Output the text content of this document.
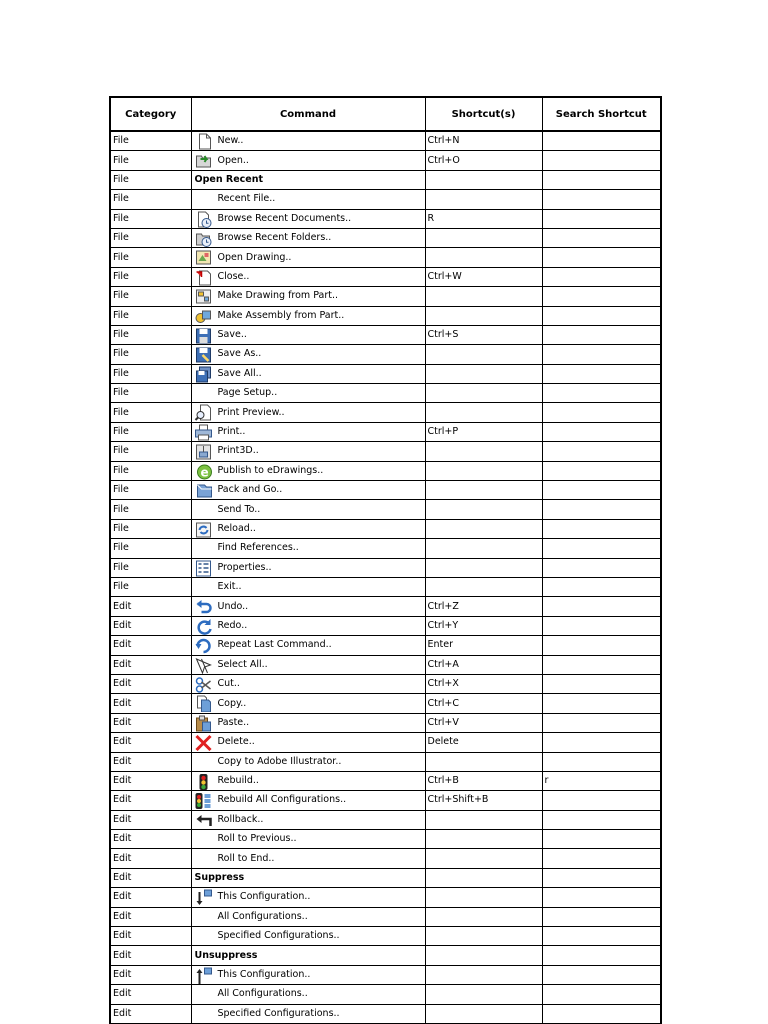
Category	Command	Shortcut(s)	Search Shortcut
File	New..	Ctrl+N	
File	Open..	Ctrl+O	
File	Open Recent		
File	Recent File..		
File	Browse Recent Documents..	R	
File	Browse Recent Folders..		
File	Open Drawing..		
File	Close..	Ctrl+W	
File	Make Drawing from Part..		
File	Make Assembly from Part..		
File	Save..	Ctrl+S	
File	Save As..		
File	Save All..		
File	Page Setup..		
File	Print Preview..		
File	Print..	Ctrl+P	
File	Print3D..		
File	e Publish to eDrawings..		
File	Pack and Go..		
File	Send To..		
File	Reload..		
File	Find References..		
File	Properties..		
File	Exit..		
Edit	Undo..	Ctrl+Z	
Edit	Redo..	Ctrl+Y	
Edit	Repeat Last Command..	Enter	
Edit	Select All..	Ctrl+A	
Edit	Cut..	Ctrl+X	
Edit	Copy..	Ctrl+C	
Edit	Paste..	Ctrl+V	
Edit	Delete..	Delete	
Edit	Copy to Adobe Illustrator..		
Edit	Rebuild..	Ctrl+B	r
Edit	Rebuild All Configurations..	Ctrl+Shift+B	
Edit	Rollback..		
Edit	Roll to Previous..		
Edit	Roll to End..		
Edit	Suppress		
Edit	This Configuration..		
Edit	All Configurations..		
Edit	Specified Configurations..		
Edit	Unsuppress		
Edit	This Configuration..		
Edit	All Configurations..		
Edit	Specified Configurations..		
